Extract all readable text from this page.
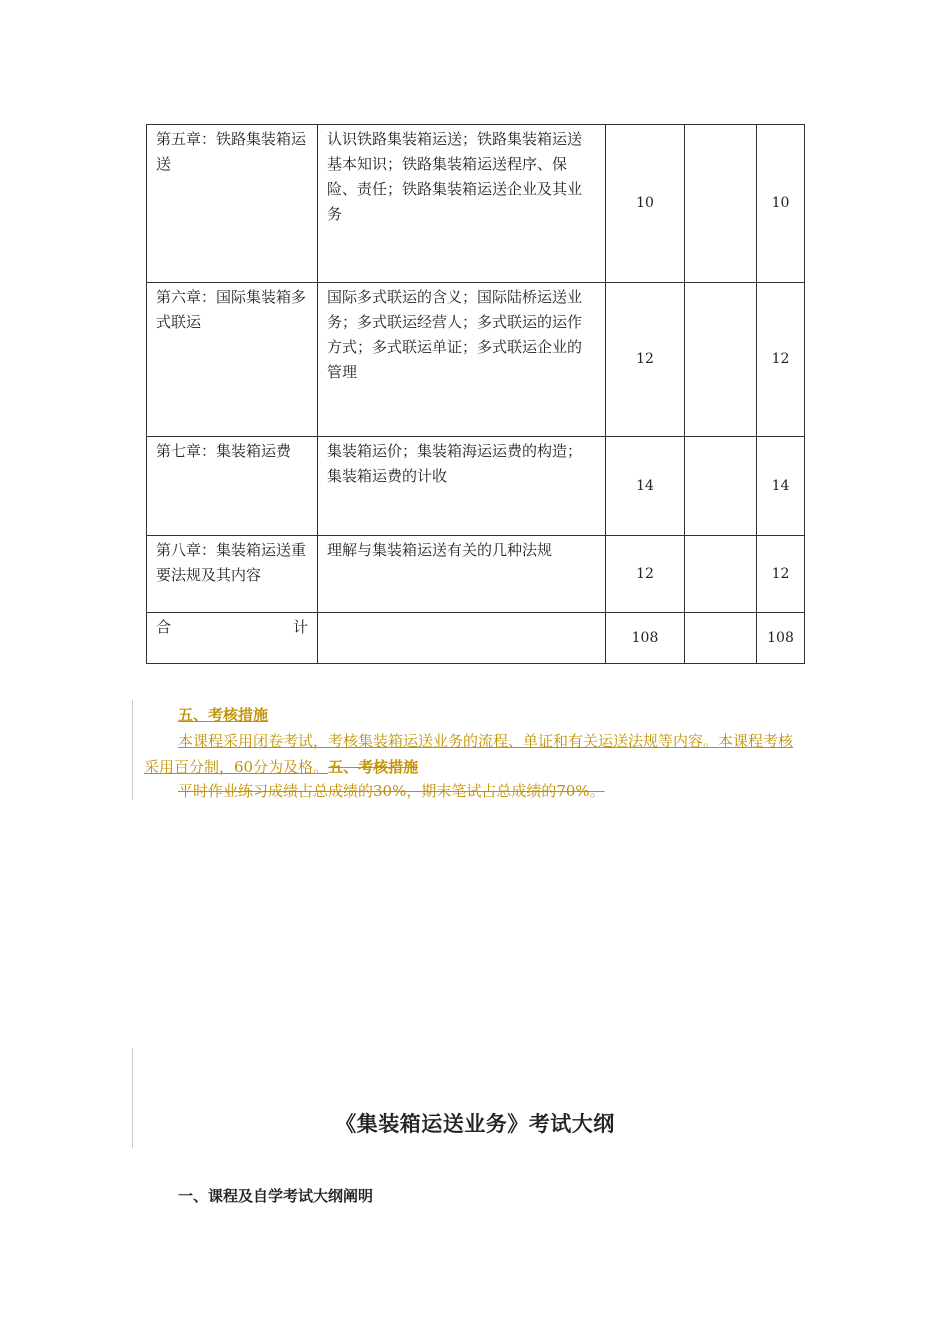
第五章：铁路集装箱运送	认识铁路集装箱运送；铁路集装箱运送基本知识；铁路集装箱运送程序、保险、责任；铁路集装箱运送企业及其业务	10		10
第六章：国际集装箱多式联运	国际多式联运的含义；国际陆桥运送业务；多式联运经营人；多式联运的运作方式；多式联运单证；多式联运企业的管理	12		12
第七章：集装箱运费	集装箱运价；集装箱海运运费的构造；集装箱运费的计收	14		14
第八章：集装箱运送重要法规及其内容	理解与集装箱运送有关的几种法规	12		12

合 计		108		108

五、考核措施

本课程采用闭卷考试，考核集装箱运送业务的流程、单证和有关运送法规等内容。本课程考核采用百分制，60分为及格。五、考核措施

平时作业练习成绩占总成绩的30%，期末笔试占总成绩的70%。

《集装箱运送业务》考试大纲
一、课程及自学考试大纲阐明
